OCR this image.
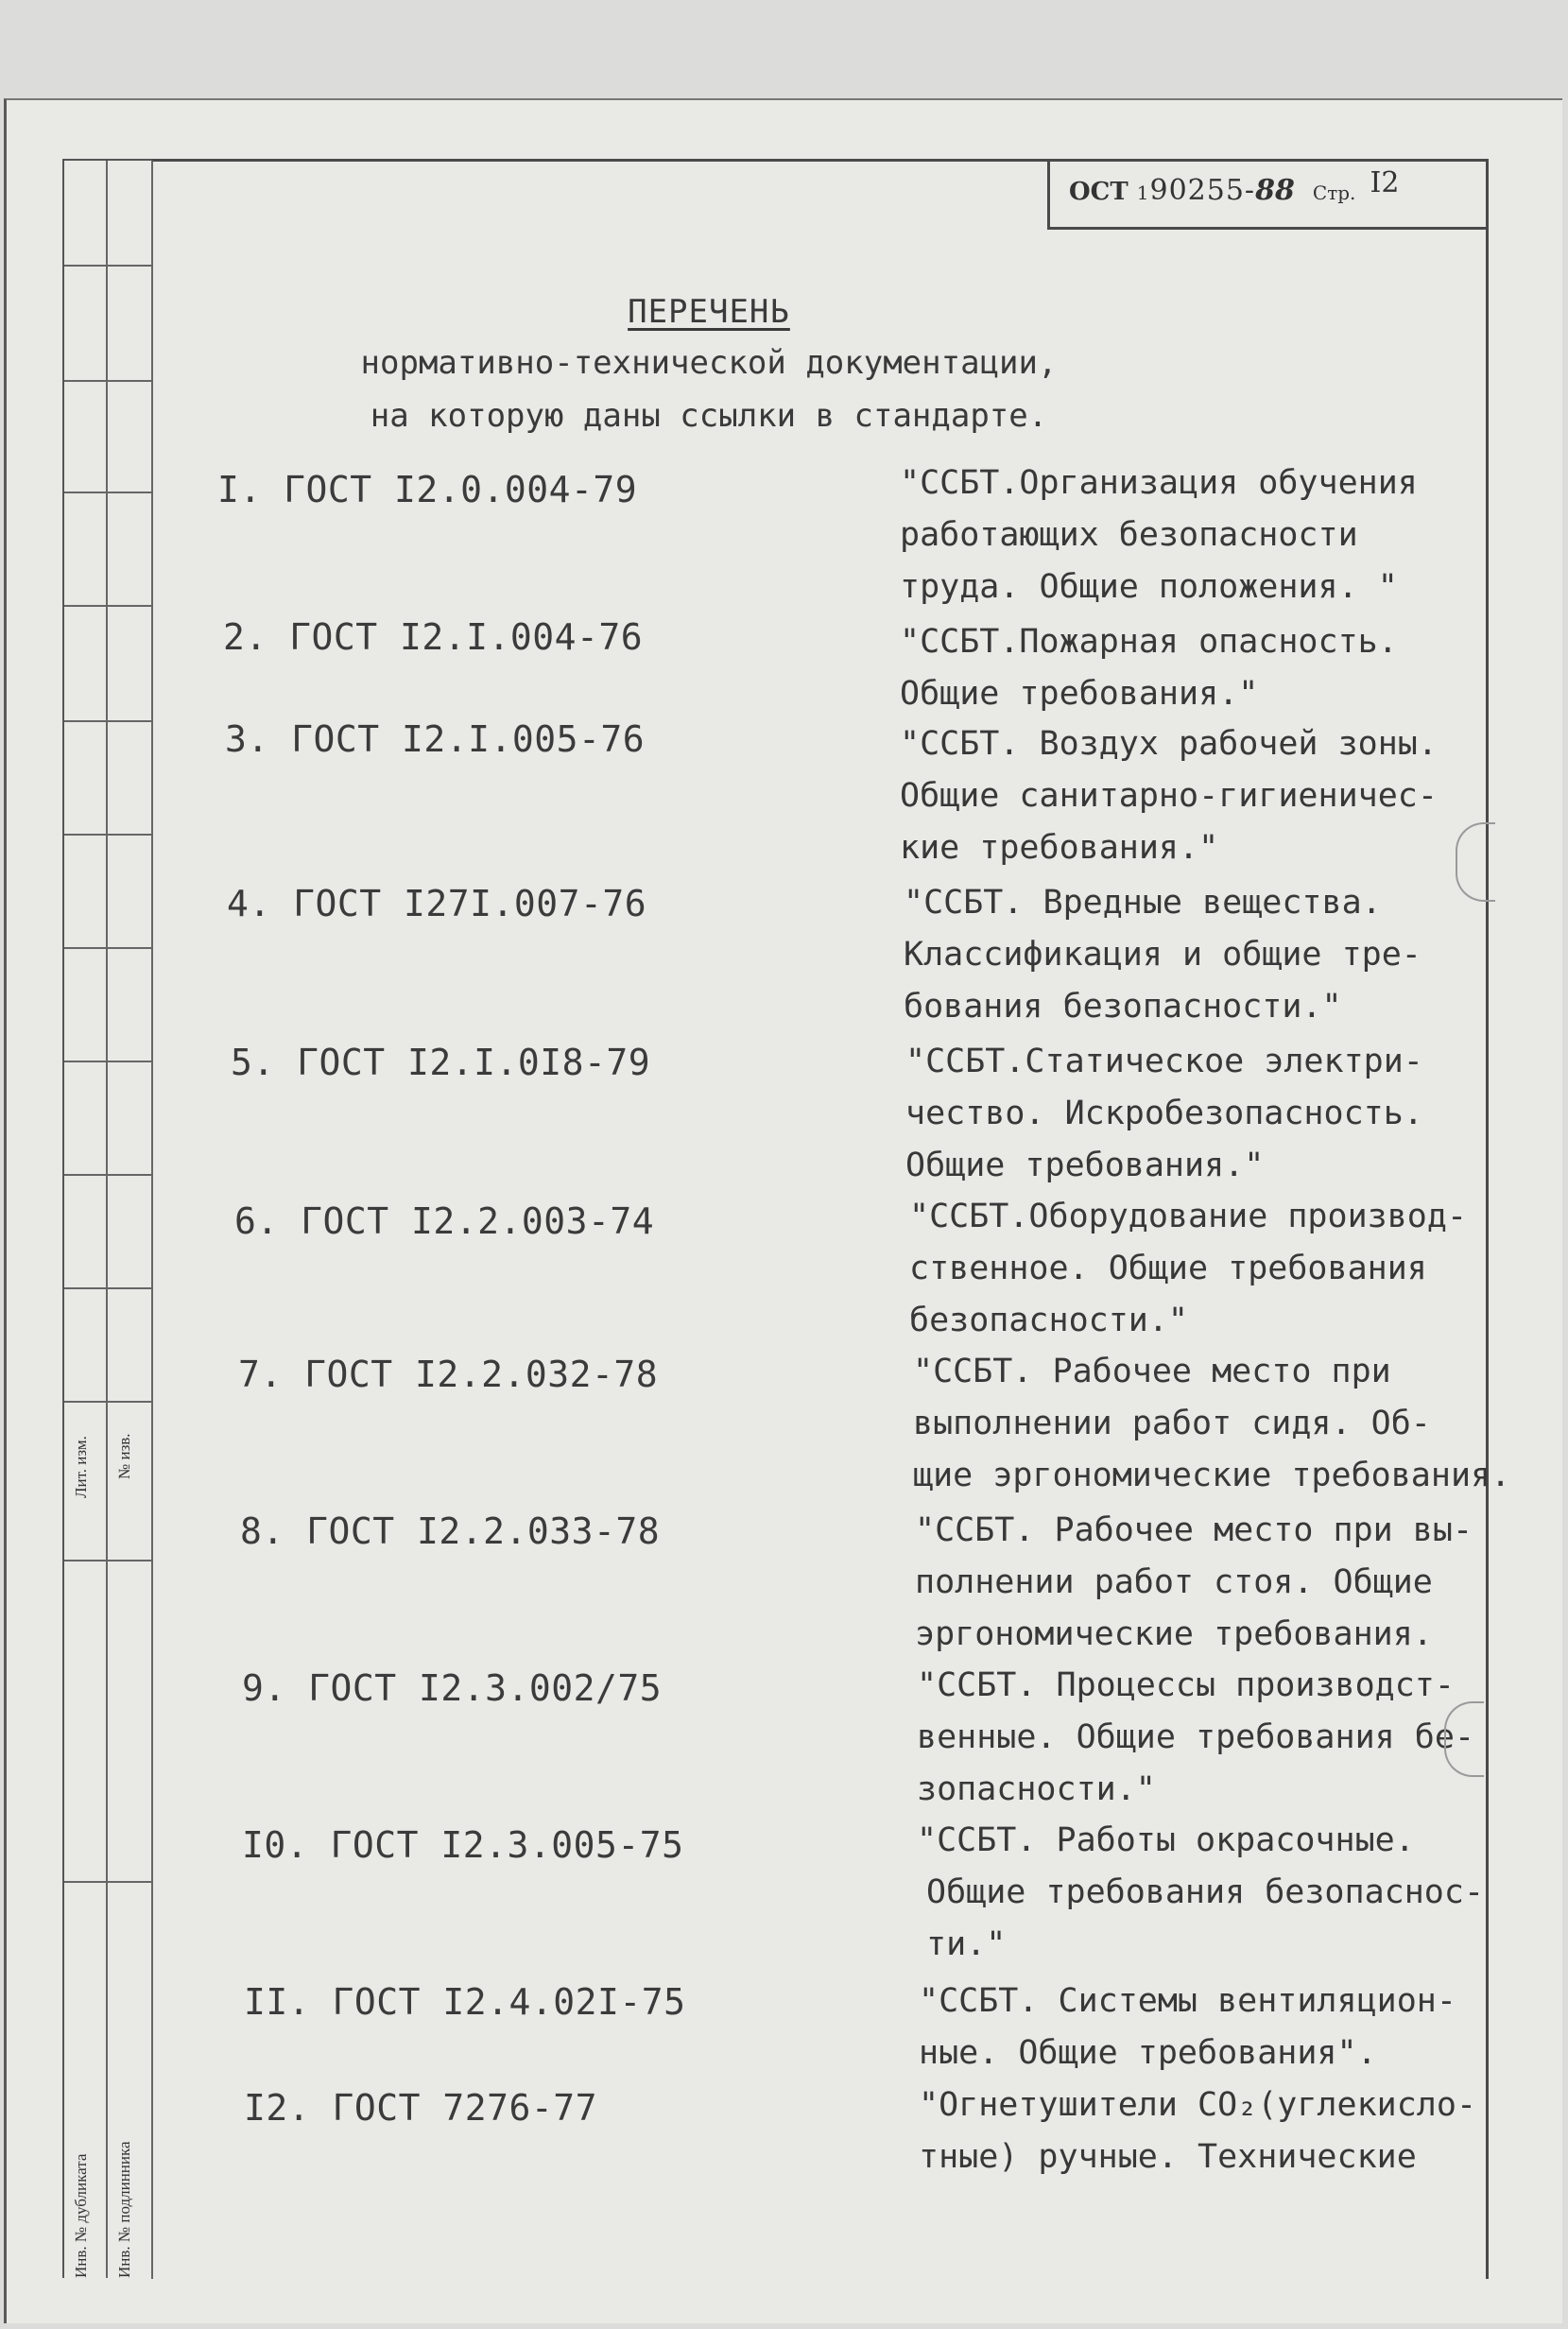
Лит. изм. № изв.
Инв. № дубликата Инв. № подлинника
ОСТ 190255-88 Стр. I2
ПЕРЕЧЕНЬ
нормативно-технической документации,
на которую даны ссылки в стандарте.
I. ГОСТ I2.0.004-79	"ССБТ.Организация обучения
работающих безопасности
труда. Общие положения. "
2. ГОСТ I2.I.004-76	"ССБТ.Пожарная опасность.
Общие требования."
3. ГОСТ I2.I.005-76	"ССБТ. Воздух рабочей зоны.
Общие санитарно-гигиеничес-
кие требования."
4. ГОСТ I27I.007-76	"ССБТ. Вредные вещества.
Классификация и общие тре-
бования безопасности."
5. ГОСТ I2.I.0I8-79	"ССБТ.Статическое электри-
чество. Искробезопасность.
Общие требования."
6. ГОСТ I2.2.003-74	"ССБТ.Оборудование производ-
ственное. Общие требования
безопасности."
7. ГОСТ I2.2.032-78	"ССБТ. Рабочее место при
выполнении работ сидя. Об-
щие эргономические требования.
8. ГОСТ I2.2.033-78	"ССБТ. Рабочее место при вы-
полнении работ стоя. Общие
эргономические требования.
9. ГОСТ I2.3.002/75	"ССБТ. Процессы производст-
венные. Общие требования бе-
зопасности."
I0. ГОСТ I2.3.005-75	"ССБТ. Работы окрасочные.
Общие требования безопаснос-
ти."
II. ГОСТ I2.4.02I-75	"ССБТ. Системы вентиляцион-
ные. Общие требования".
I2. ГОСТ 7276-77	"Огнетушители CO₂(углекисло-
тные) ручные. Технические
